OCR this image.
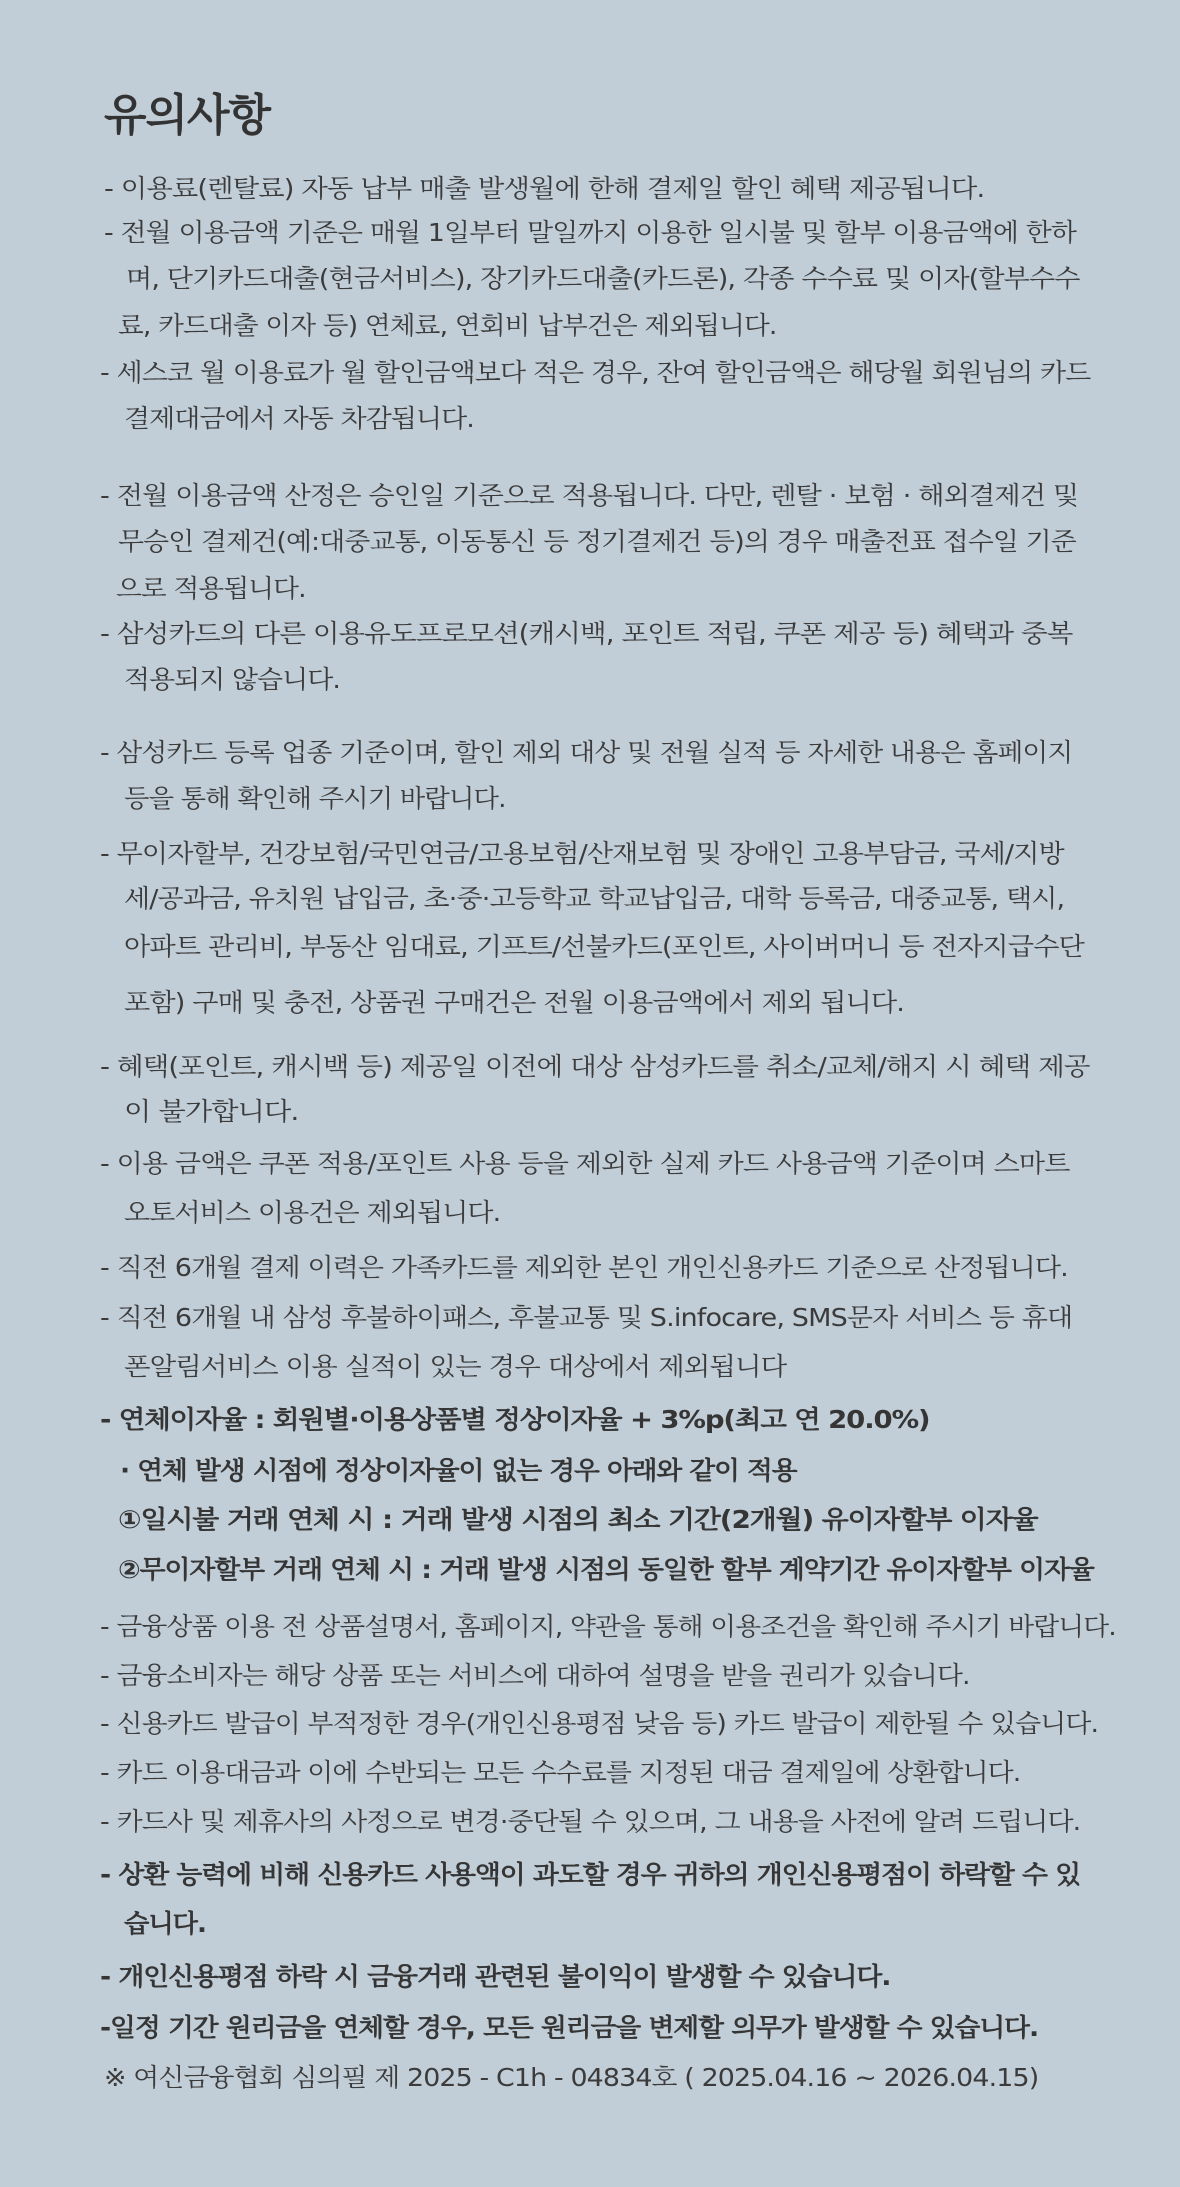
유의사항
- 이용료(렌탈료) 자동 납부 매출 발생월에 한해 결제일 할인 혜택 제공됩니다.
- 전월 이용금액 기준은 매월 1일부터 말일까지 이용한 일시불 및 할부 이용금액에 한하
며, 단기카드대출(현금서비스), 장기카드대출(카드론), 각종 수수료 및 이자(할부수수
료, 카드대출 이자 등) 연체료, 연회비 납부건은 제외됩니다.
- 세스코 월 이용료가 월 할인금액보다 적은 경우, 잔여 할인금액은 해당월 회원님의 카드
결제대금에서 자동 차감됩니다.
- 전월 이용금액 산정은 승인일 기준으로 적용됩니다. 다만, 렌탈 · 보험 · 해외결제건 및
무승인 결제건(예:대중교통, 이동통신 등 정기결제건 등)의 경우 매출전표 접수일 기준
으로 적용됩니다.
- 삼성카드의 다른 이용유도프로모션(캐시백, 포인트 적립, 쿠폰 제공 등) 혜택과 중복
적용되지 않습니다.
- 삼성카드 등록 업종 기준이며, 할인 제외 대상 및 전월 실적 등 자세한 내용은 홈페이지
등을 통해 확인해 주시기 바랍니다.
- 무이자할부, 건강보험/국민연금/고용보험/산재보험 및 장애인 고용부담금, 국세/지방
세/공과금, 유치원 납입금, 초·중·고등학교 학교납입금, 대학 등록금, 대중교통, 택시,
아파트 관리비, 부동산 임대료, 기프트/선불카드(포인트, 사이버머니 등 전자지급수단
포함) 구매 및 충전, 상품권 구매건은 전월 이용금액에서 제외 됩니다.
- 혜택(포인트, 캐시백 등) 제공일 이전에 대상 삼성카드를 취소/교체/해지 시 혜택 제공
이 불가합니다.
- 이용 금액은 쿠폰 적용/포인트 사용 등을 제외한 실제 카드 사용금액 기준이며 스마트
오토서비스 이용건은 제외됩니다.
- 직전 6개월 결제 이력은 가족카드를 제외한 본인 개인신용카드 기준으로 산정됩니다.
- 직전 6개월 내 삼성 후불하이패스, 후불교통 및 S.infocare, SMS문자 서비스 등 휴대
폰알림서비스 이용 실적이 있는 경우 대상에서 제외됩니다
- 연체이자율 : 회원별·이용상품별 정상이자율 + 3%p(최고 연 20.0%)
· 연체 발생 시점에 정상이자율이 없는 경우 아래와 같이 적용
①일시불 거래 연체 시 : 거래 발생 시점의 최소 기간(2개월) 유이자할부 이자율
②무이자할부 거래 연체 시 : 거래 발생 시점의 동일한 할부 계약기간 유이자할부 이자율
- 금융상품 이용 전 상품설명서, 홈페이지, 약관을 통해 이용조건을 확인해 주시기 바랍니다.
- 금융소비자는 해당 상품 또는 서비스에 대하여 설명을 받을 권리가 있습니다.
- 신용카드 발급이 부적정한 경우(개인신용평점 낮음 등) 카드 발급이 제한될 수 있습니다.
- 카드 이용대금과 이에 수반되는 모든 수수료를 지정된 대금 결제일에 상환합니다.
- 카드사 및 제휴사의 사정으로 변경·중단될 수 있으며, 그 내용을 사전에 알려 드립니다.
- 상환 능력에 비해 신용카드 사용액이 과도할 경우 귀하의 개인신용평점이 하락할 수 있
습니다.
- 개인신용평점 하락 시 금융거래 관련된 불이익이 발생할 수 있습니다.
-일정 기간 원리금을 연체할 경우, 모든 원리금을 변제할 의무가 발생할 수 있습니다.
※ 여신금융협회 심의필 제 2025 - C1h - 04834호 ( 2025.04.16 ~ 2026.04.15)
